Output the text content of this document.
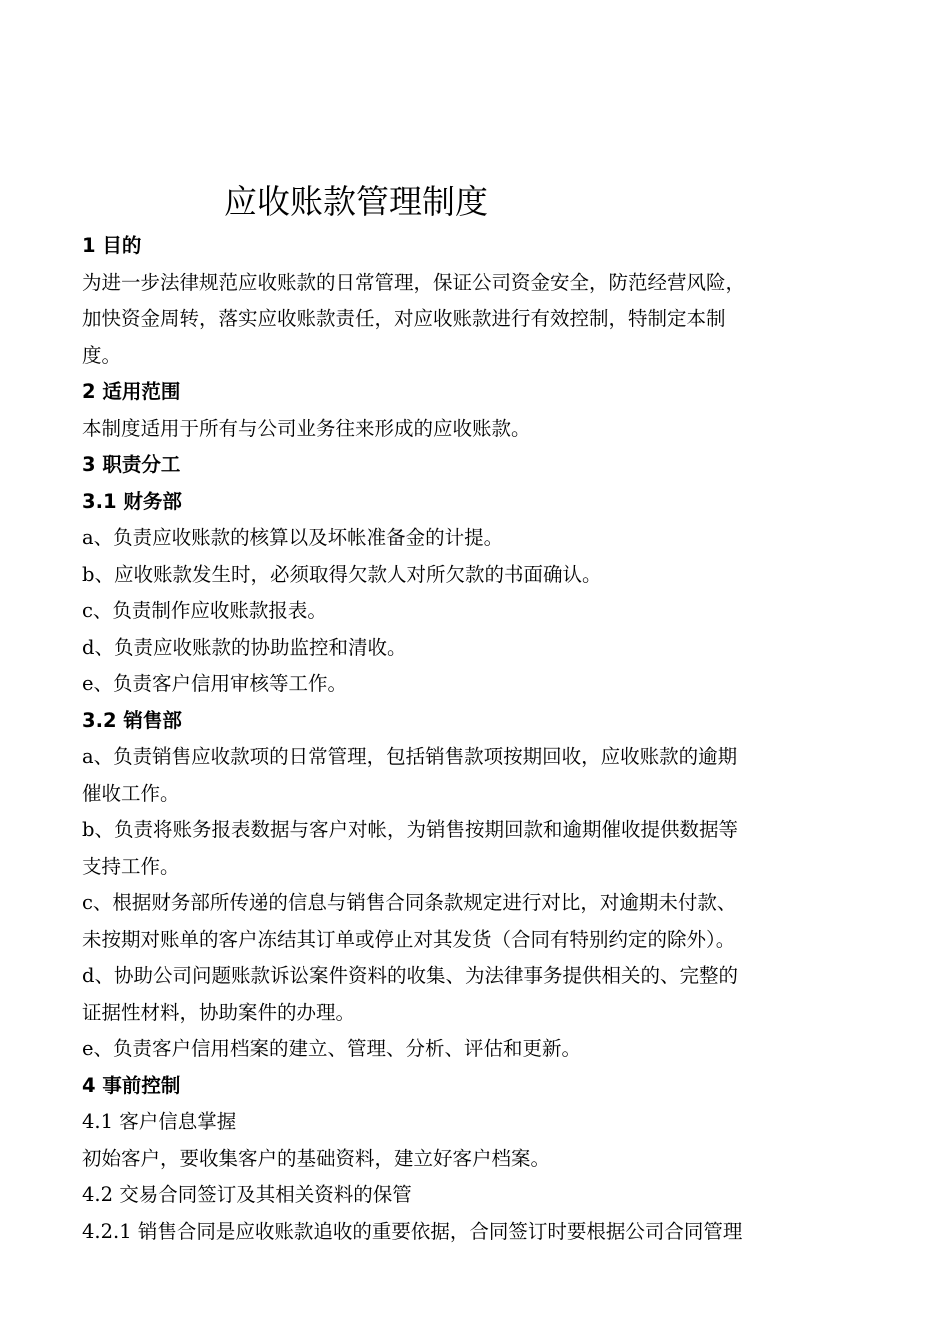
应收账款管理制度
1 目的
为进一步法律规范应收账款的日常管理，保证公司资金安全，防范经营风险，
加快资金周转，落实应收账款责任，对应收账款进行有效控制，特制定本制
度。
2 适用范围
本制度适用于所有与公司业务往来形成的应收账款。
3 职责分工
3.1 财务部
a、负责应收账款的核算以及坏帐准备金的计提。
b、应收账款发生时，必须取得欠款人对所欠款的书面确认。
c、负责制作应收账款报表。
d、负责应收账款的协助监控和清收。
e、负责客户信用审核等工作。
3.2 销售部
a、负责销售应收款项的日常管理，包括销售款项按期回收，应收账款的逾期
催收工作。
b、负责将账务报表数据与客户对帐，为销售按期回款和逾期催收提供数据等
支持工作。
c、根据财务部所传递的信息与销售合同条款规定进行对比，对逾期未付款、
未按期对账单的客户冻结其订单或停止对其发货（合同有特别约定的除外）。
d、协助公司问题账款诉讼案件资料的收集、为法律事务提供相关的、完整的
证据性材料，协助案件的办理。
e、负责客户信用档案的建立、管理、分析、评估和更新。
4 事前控制
4.1 客户信息掌握
初始客户，要收集客户的基础资料，建立好客户档案。
4.2 交易合同签订及其相关资料的保管
4.2.1 销售合同是应收账款追收的重要依据，合同签订时要根据公司合同管理
